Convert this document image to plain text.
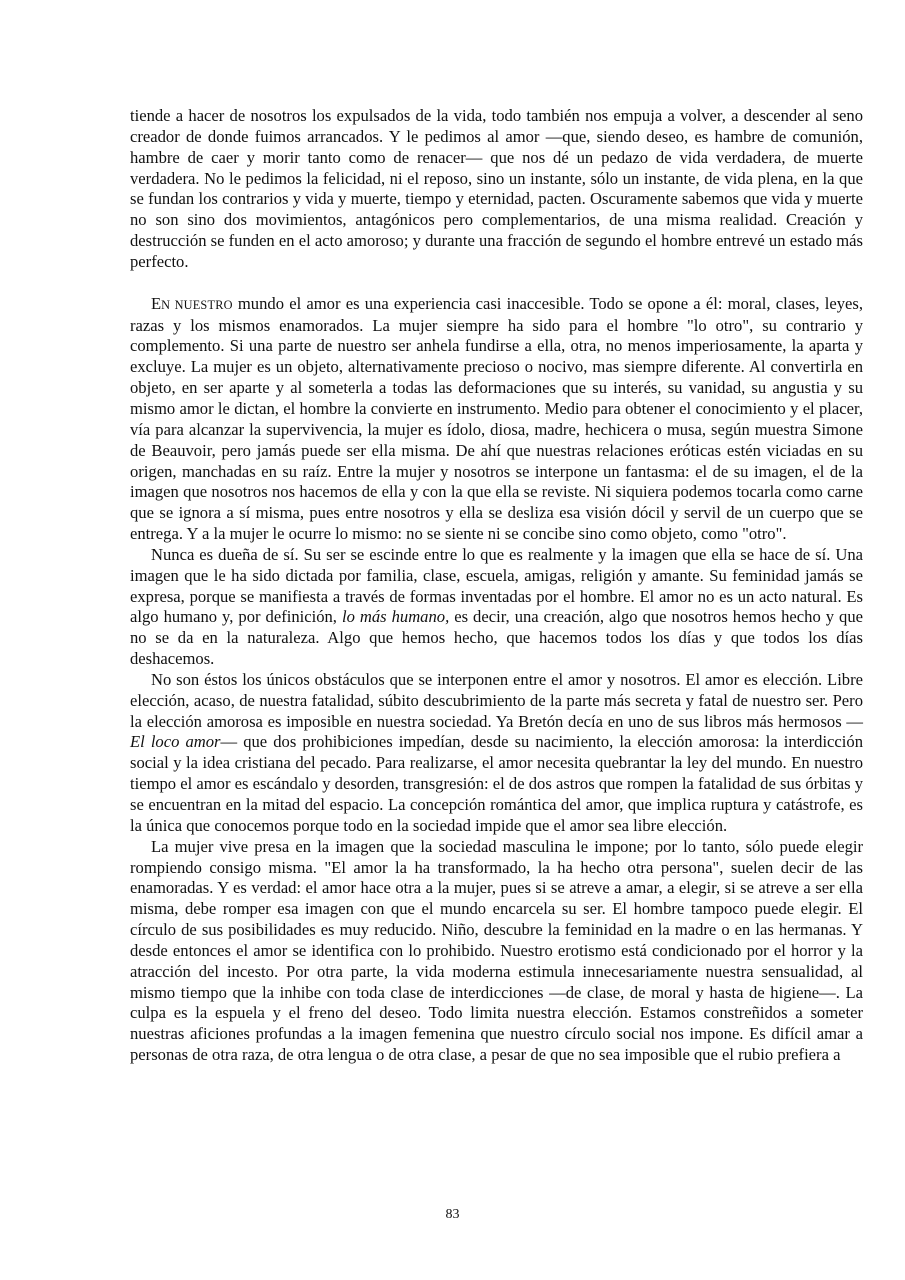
tiende a hacer de nosotros los expulsados de la vida, todo también nos empuja a volver, a descender al seno creador de donde fuimos arrancados. Y le pedimos al amor —que, siendo deseo, es hambre de comunión, hambre de caer y morir tanto como de renacer— que nos dé un pedazo de vida verdadera, de muerte verdadera. No le pedimos la felicidad, ni el reposo, sino un instante, sólo un instante, de vida plena, en la que se fundan los contrarios y vida y muerte, tiempo y eternidad, pacten. Oscuramente sabemos que vida y muerte no son sino dos movimientos, antagónicos pero complementarios, de una misma realidad. Creación y destrucción se funden en el acto amoroso; y durante una fracción de segundo el hombre entrevé un estado más perfecto.

EN NUESTRO mundo el amor es una experiencia casi inaccesible. Todo se opone a él: moral, clases, leyes, razas y los mismos enamorados. La mujer siempre ha sido para el hombre "lo otro", su contrario y complemento. Si una parte de nuestro ser anhela fundirse a ella, otra, no menos imperiosamente, la aparta y excluye. La mujer es un objeto, alternativamente precioso o nocivo, mas siempre diferente. Al convertirla en objeto, en ser aparte y al someterla a todas las deformaciones que su interés, su vanidad, su angustia y su mismo amor le dictan, el hombre la convierte en instrumento. Medio para obtener el conocimiento y el placer, vía para alcanzar la supervivencia, la mujer es ídolo, diosa, madre, hechicera o musa, según muestra Simone de Beauvoir, pero jamás puede ser ella misma. De ahí que nuestras relaciones eróticas estén viciadas en su origen, manchadas en su raíz. Entre la mujer y nosotros se interpone un fantasma: el de su imagen, el de la imagen que nosotros nos hacemos de ella y con la que ella se reviste. Ni siquiera podemos tocarla como carne que se ignora a sí misma, pues entre nosotros y ella se desliza esa visión dócil y servil de un cuerpo que se entrega. Y a la mujer le ocurre lo mismo: no se siente ni se concibe sino como objeto, como "otro".

Nunca es dueña de sí. Su ser se escinde entre lo que es realmente y la imagen que ella se hace de sí. Una imagen que le ha sido dictada por familia, clase, escuela, amigas, religión y amante. Su feminidad jamás se expresa, porque se manifiesta a través de formas inventadas por el hombre. El amor no es un acto natural. Es algo humano y, por definición, lo más humano, es decir, una creación, algo que nosotros hemos hecho y que no se da en la naturaleza. Algo que hemos hecho, que hacemos todos los días y que todos los días deshacemos.

No son éstos los únicos obstáculos que se interponen entre el amor y nosotros. El amor es elección. Libre elección, acaso, de nuestra fatalidad, súbito descubrimiento de la parte más secreta y fatal de nuestro ser. Pero la elección amorosa es imposible en nuestra sociedad. Ya Bretón decía en uno de sus libros más hermosos —El loco amor— que dos prohibiciones impedían, desde su nacimiento, la elección amorosa: la interdicción social y la idea cristiana del pecado. Para realizarse, el amor necesita quebrantar la ley del mundo. En nuestro tiempo el amor es escándalo y desorden, transgresión: el de dos astros que rompen la fatalidad de sus órbitas y se encuentran en la mitad del espacio. La concepción romántica del amor, que implica ruptura y catástrofe, es la única que conocemos porque todo en la sociedad impide que el amor sea libre elección.

La mujer vive presa en la imagen que la sociedad masculina le impone; por lo tanto, sólo puede elegir rompiendo consigo misma. "El amor la ha transformado, la ha hecho otra persona", suelen decir de las enamoradas. Y es verdad: el amor hace otra a la mujer, pues si se atreve a amar, a elegir, si se atreve a ser ella misma, debe romper esa imagen con que el mundo encarcela su ser. El hombre tampoco puede elegir. El círculo de sus posibilidades es muy reducido. Niño, descubre la feminidad en la madre o en las hermanas. Y desde entonces el amor se identifica con lo prohibido. Nuestro erotismo está condicionado por el horror y la atracción del incesto. Por otra parte, la vida moderna estimula innecesariamente nuestra sensualidad, al mismo tiempo que la inhibe con toda clase de interdicciones —de clase, de moral y hasta de higiene—. La culpa es la espuela y el freno del deseo. Todo limita nuestra elección. Estamos constreñidos a someter nuestras aficiones profundas a la imagen femenina que nuestro círculo social nos impone. Es difícil amar a personas de otra raza, de otra lengua o de otra clase, a pesar de que no sea imposible que el rubio prefiera a

83
